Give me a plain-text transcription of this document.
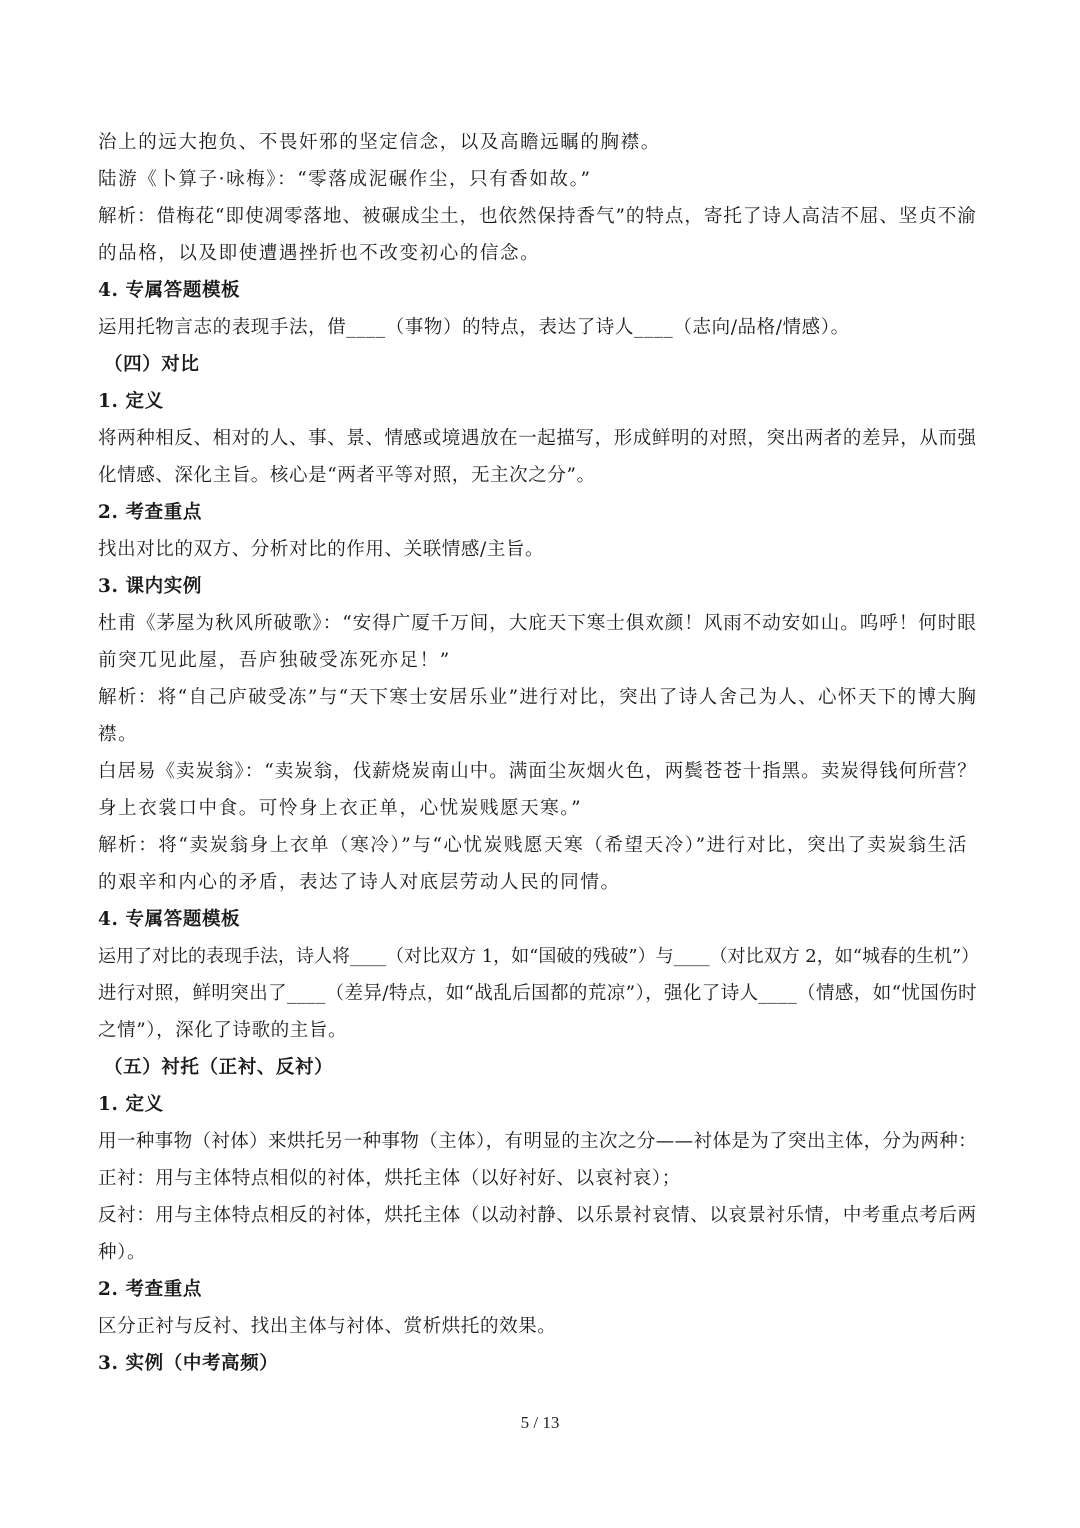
治上的远大抱负、不畏奸邪的坚定信念，以及高瞻远瞩的胸襟。
陆游《卜算子·咏梅》：“零落成泥碾作尘，只有香如故。”
解析：借梅花“即使凋零落地、被碾成尘土，也依然保持香气”的特点，寄托了诗人高洁不屈、坚贞不渝
的品格，以及即使遭遇挫折也不改变初心的信念。
4. 专属答题模板
运用托物言志的表现手法，借____（事物）的特点，表达了诗人____（志向/品格/情感）。
（四）对比
1. 定义
将两种相反、相对的人、事、景、情感或境遇放在一起描写，形成鲜明的对照，突出两者的差异，从而强
化情感、深化主旨。核心是“两者平等对照，无主次之分”。
2. 考查重点
找出对比的双方、分析对比的作用、关联情感/主旨。
3. 课内实例
杜甫《茅屋为秋风所破歌》：“安得广厦千万间，大庇天下寒士俱欢颜！风雨不动安如山。呜呼！何时眼
前突兀见此屋，吾庐独破受冻死亦足！”
解析：将“自己庐破受冻”与“天下寒士安居乐业”进行对比，突出了诗人舍己为人、心怀天下的博大胸
襟。
白居易《卖炭翁》：“卖炭翁，伐薪烧炭南山中。满面尘灰烟火色，两鬓苍苍十指黑。卖炭得钱何所营？
身上衣裳口中食。可怜身上衣正单，心忧炭贱愿天寒。”
解析：将“卖炭翁身上衣单（寒冷）”与“心忧炭贱愿天寒（希望天冷）”进行对比，突出了卖炭翁生活
的艰辛和内心的矛盾，表达了诗人对底层劳动人民的同情。
4. 专属答题模板
运用了对比的表现手法，诗人将____（对比双方 1，如“国破的残破”）与____（对比双方 2，如“城春的生机”）
进行对照，鲜明突出了____（差异/特点，如“战乱后国都的荒凉”），强化了诗人____（情感，如“忧国伤时
之情”），深化了诗歌的主旨。
（五）衬托（正衬、反衬）
1. 定义
用一种事物（衬体）来烘托另一种事物（主体），有明显的主次之分——衬体是为了突出主体，分为两种：
正衬：用与主体特点相似的衬体，烘托主体（以好衬好、以哀衬哀）；
反衬：用与主体特点相反的衬体，烘托主体（以动衬静、以乐景衬哀情、以哀景衬乐情，中考重点考后两
种）。
2. 考查重点
区分正衬与反衬、找出主体与衬体、赏析烘托的效果。
3. 实例（中考高频）
5 / 13
